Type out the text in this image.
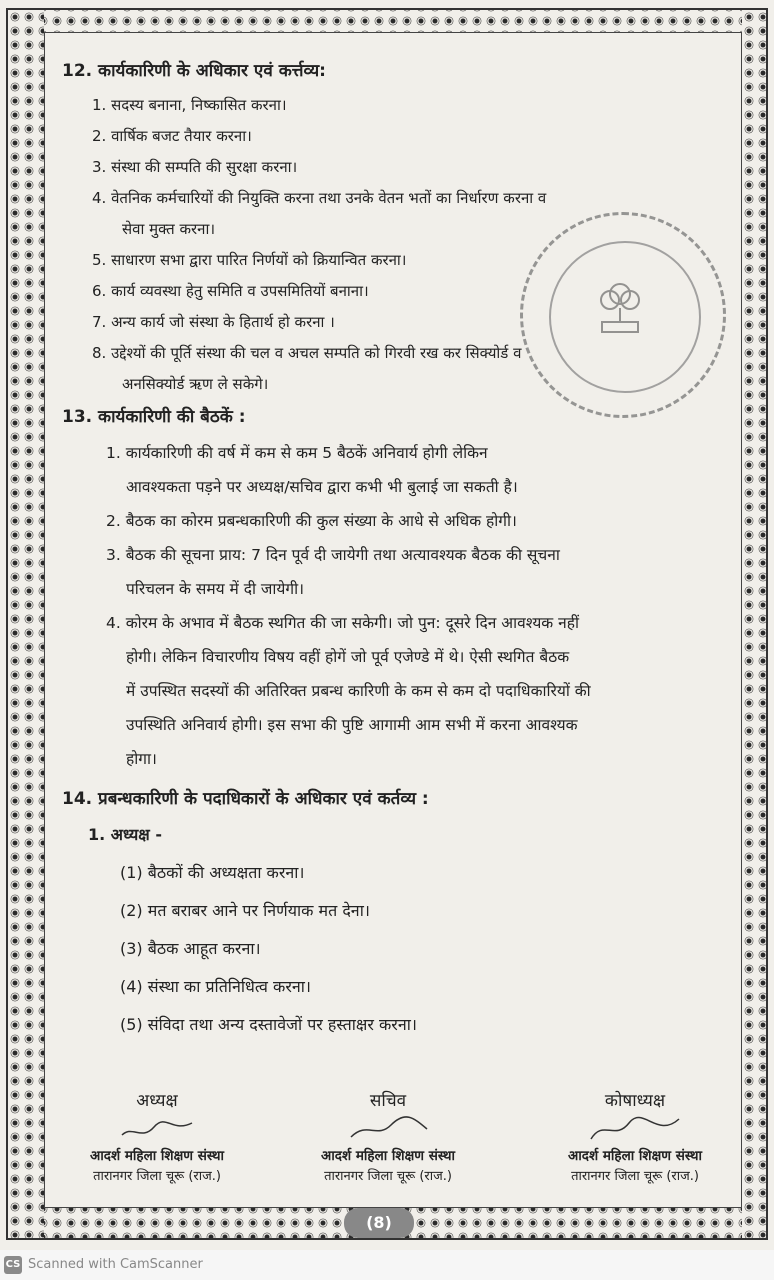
12. कार्यकारिणी के अधिकार एवं कर्त्तव्य:

1. सदस्य बनाना, निष्कासित करना।

2. वार्षिक बजट तैयार करना।

3. संस्था की सम्पति की सुरक्षा करना।

4. वेतनिक कर्मचारियों की नियुक्ति करना तथा उनके वेतन भतों का निर्धारण करना व

सेवा मुक्त करना।

5. साधारण सभा द्वारा पारित निर्णयों को क्रियान्वित करना।

6. कार्य व्यवस्था हेतु समिति व उपसमितियों बनाना।

7. अन्य कार्य जो संस्था के हितार्थ हो करना ।

8. उद्देश्यों की पूर्ति संस्था की चल व अचल सम्पति को गिरवी रख कर सिक्योर्ड व

अनसिक्योर्ड ऋण ले सकेगे।

13. कार्यकारिणी की बैठकें :

1. कार्यकारिणी की वर्ष में कम से कम 5 बैठकें अनिवार्य होगी लेकिन

आवश्यकता पड़ने पर अध्यक्ष/सचिव द्वारा कभी भी बुलाई जा सकती है।

2. बैठक का कोरम प्रबन्धकारिणी की कुल संख्या के आधे से अधिक होगी।

3. बैठक की सूचना प्राय: 7 दिन पूर्व दी जायेगी तथा अत्यावश्यक बैठक की सूचना

परिचलन के समय में दी जायेगी।

4. कोरम के अभाव में बैठक स्थगित की जा सकेगी। जो पुन: दूसरे दिन आवश्यक नहीं

होगी। लेकिन विचारणीय विषय वहीं होगें जो पूर्व एजेण्डे में थे। ऐसी स्थगित बैठक

में उपस्थित सदस्यों की अतिरिक्त प्रबन्ध कारिणी के कम से कम दो पदाधिकारियों की

उपस्थिति अनिवार्य होगी। इस सभा की पुष्टि आगामी आम सभी में करना आवश्यक

होगा।

14. प्रबन्धकारिणी के पदाधिकारों के अधिकार एवं कर्तव्य :

1. अध्यक्ष -

(1) बैठकों की अध्यक्षता करना।

(2) मत बराबर आने पर निर्णयाक मत देना।

(3) बैठक आहूत करना।

(4) संस्था का प्रतिनिधित्व करना।

(5) संविदा तथा अन्य दस्तावेजों पर हस्ताक्षर करना।

अध्यक्ष
आदर्श महिला शिक्षण संस्था
तारानगर जिला चूरू (राज.)
सचिव
आदर्श महिला शिक्षण संस्था
तारानगर जिला चूरू (राज.)
कोषाध्यक्ष
आदर्श महिला शिक्षण संस्था
तारानगर जिला चूरू (राज.)
(8)
CS Scanned with CamScanner
